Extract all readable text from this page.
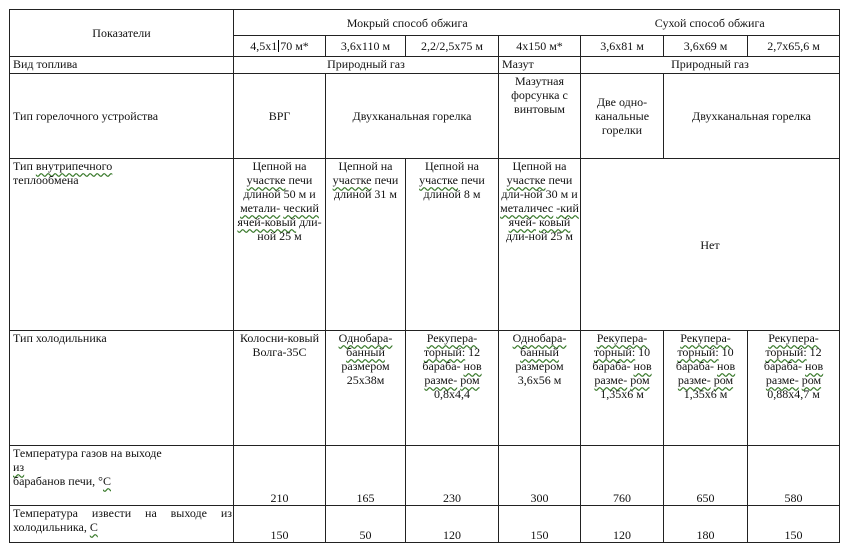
Показатели	Мокрый способ обжига				Сухой способ обжига		
	4,5х1 70 м*	3,6х110 м	2,2/2,5х75 м	4х150 м*	3,6х81 м	3,6х69 м	2,7х65,6 м
Вид топлива	Природный газ			Мазут	Природный газ		
Тип горелочного устройства	ВРГ	Двухканальная горелка		Мазутная форсунка с винтовым	Две одно-канальные горелки	Двухканальная горелка	
Тип внутрипечного
теплообмена	Цепной на участке печи длиной 50 м и метали- ческий ячей-ковый дли-ной 25 м	Цепной на участке печи длиной 31 м	Цепной на участке печи длиной 8 м	Цепной на участке печи дли-ной 30 м и металичес -кий ячей- ковый дли-ной 25 м	Нет		
Тип холодильника	Колосни-ковый Волга-35С	Однобара-банный размером 25х38м	Рекупера-торный: 12 бараба- нов разме- ром 0,8х4,4	Однобара-банный размером 3,6х56 м	Рекупера-торный: 10 бараба- нов разме- ром 1,35х6 м	Рекупера-торный: 10 бараба- нов разме- ром 1,35х6 м	Рекупера-торный: 12 бараба- нов разме- ром 0,88х4,7 м
Температура газов на выходе
из
барабанов печи, °С	210	165	230	300	760	650	580
Температура извести на выходе из холодильника, С	150	50	120	150	120	180	150
